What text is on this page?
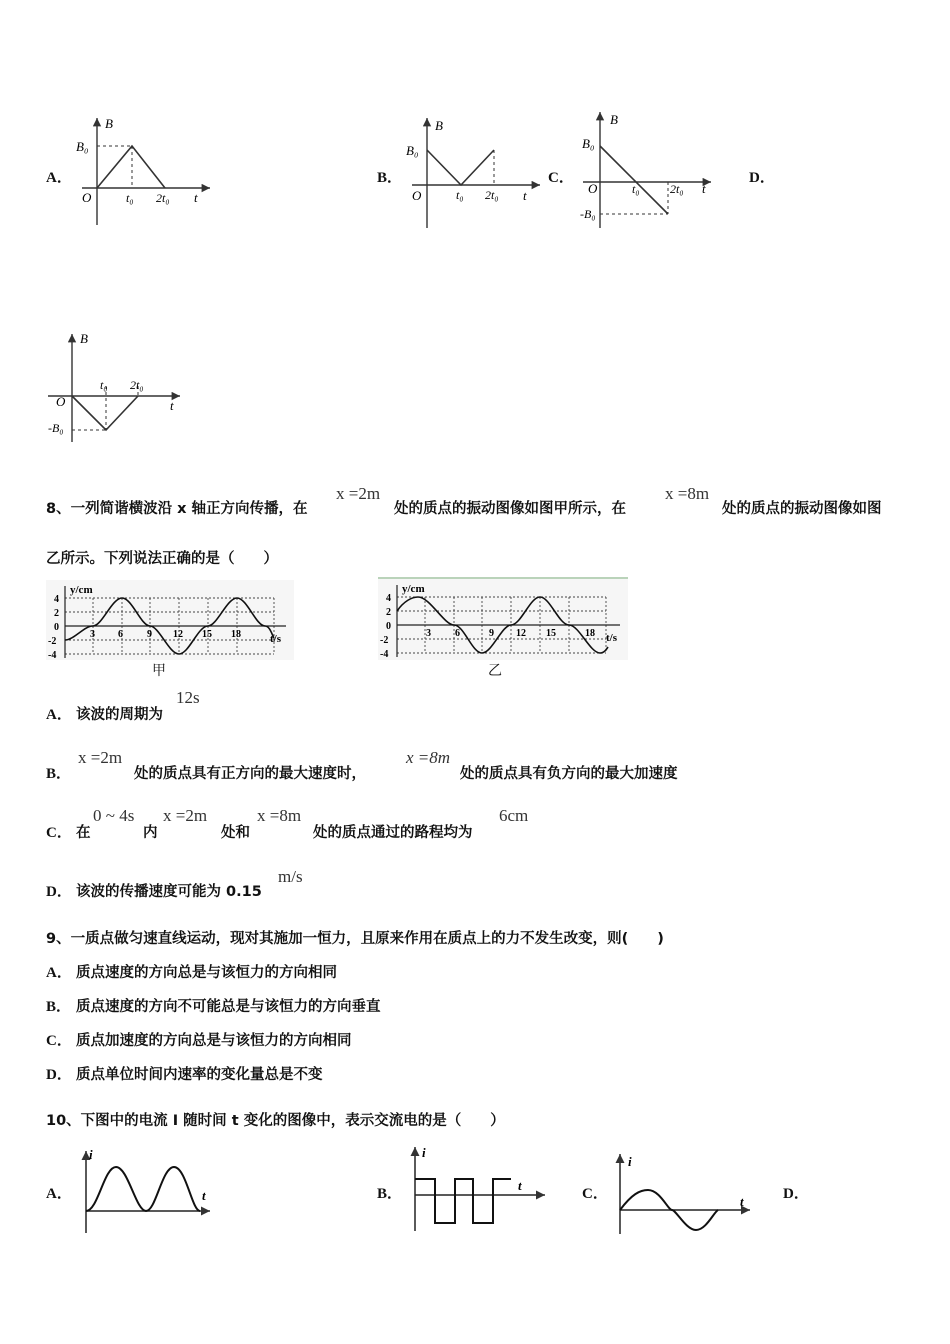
A．
B
B₀
O	t₀ 2t₀ t
B．
B
B₀
O	t₀ 2t₀ t
C．
B
B₀
-B₀
O	t₀	2t₀ t
D．
B
O
-B₀
t₀ 2t₀
t
8、一列简谐横波沿 x 轴正方向传播，在
x =2m
处的质点的振动图像如图甲所示，在
x =8m
处的质点的振动图像如图
乙所示。下列说法正确的是（　　）
y/cm
t/s
4
2
0
-2
-4
3 6 9 12 15 18
甲
y/cm
t/s
4
2
0
-2
-4
3 6	9 12 15	18
乙
A． 该波的周期为
12s
B．
x =2m
处的质点具有正方向的最大速度时，
x =8m
处的质点具有负方向的最大加速度
C． 在
0 ~ 4s
内
x =2m
处和
x =8m
处的质点通过的路程均为
6cm
D． 该波的传播速度可能为 0.15
m/s
9、一质点做匀速直线运动，现对其施加一恒力，且原来作用在质点上的力不发生改变，则(　　)
A． 质点速度的方向总是与该恒力的方向相同
B． 质点速度的方向不可能总是与该恒力的方向垂直
C． 质点加速度的方向总是与该恒力的方向相同
D． 质点单位时间内速率的变化量总是不变
10、下图中的电流 I 随时间 t 变化的图像中，表示交流电的是（　　）
A．
i
t	B．
i
t
C．
i
t	D．
